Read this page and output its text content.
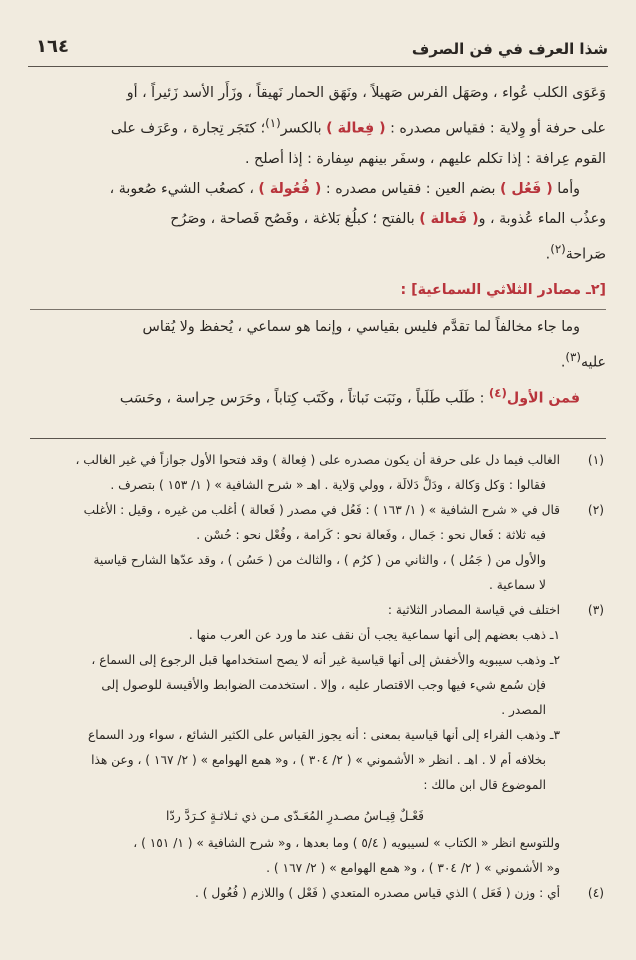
شذا العرف في فن الصرف
١٦٤

وَعَوَى الكلب عُواء ، وصَهَل الفرس صَهيلاً ، ونَهَق الحمار نَهيقاً ، وزَأَر الأسد زَئيراً ، أو

على حرفة أو وِلاية : فقياس مصدره : ( فِعالة ) بالكسر$^{(١)}$؛ كتَجَر تِجارة ، وعَرَف على

القوم عِرافة : إذا تكلم عليهم ، وسفَر بينهم سِفارة : إذا أصلح .

وأما ( فَعُل ) بضم العين : فقياس مصدره : ( فُعُولة ) ، كصعُب الشيء صُعوبة ،

وعذُب الماء عُذوبة ، و( فَعالة ) بالفتح ؛ كبلُغ بَلاغة ، وفَصُح فَصاحة ، وصَرُح

صَراحة$^{(٢)}$.

[٢ـ مصادر الثلاثي السماعية] :

وما جاء مخالفاً لما تقدَّم فليس بقياسي ، وإنما هو سماعي ، يُحفظ ولا يُقاس

عليه$^{(٣)}$.

فمن الأول$^{(٤)}$ : طَلَب طَلَباً ، ونَبَت نَباتاً ، وكَتَب كِتاباً ، وحَرَس حِراسة ، وحَسَب

(١)

الغالب فيما دل على حرفة أن يكون مصدره على ( فِعالة ) وقد فتحوا الأول جوازاً في غير الغالب ،

فقالوا : وَكل وَكالة ، ودَلَّ دَلالَة ، وولي وَلاية . اهـ « شرح الشافية » ( ١/ ١٥٣ ) بتصرف .

(٢)

قال في « شرح الشافية » ( ١/ ١٦٣ ) : فَعُل في مصدر ( فَعالة ) أغلب من غيره ، وقيل : الأغلب

فيه ثلاثة : فَعال نحو : جَمال ، وفَعالة نحو : كَرامة ، وفُعْل نحو : حُسْن .

والأول من ( جَمُل ) ، والثاني من ( كرُم ) ، والثالث من ( حَسُن ) ، وقد عدّها الشارح قياسية

لا سماعية .

(٣)

اختلف في قياسة المصادر الثلاثية :

١ـ ذهب بعضهم إلى أنها سماعية يجب أن نقف عند ما ورد عن العرب منها .

٢ـ وذهب سيبويه والأخفش إلى أنها قياسية غير أنه لا يصح استخدامها قبل الرجوع إلى السماع ،

فإن سُمع شيء فيها وجب الاقتصار عليه ، وإلا . استخدمت الضوابط والأقيسة للوصول إلى

المصدر .

٣ـ وذهب الفراء إلى أنها قياسية بمعنى : أنه يجوز القياس على الكثير الشائع ، سواء ورد السماع

بخلافه أم لا . اهـ . انظر « الأشموني » ( ٢/ ٣٠٤ ) ، و« همع الهوامع » ( ٢/ ١٦٧ ) ، وعن هذا

الموضوع قال ابن مالك :

فَعْـلٌ قِيـاسُ مصـدرِ المُعَـدّى مـن ذي ثـلاثـةٍ كـرَدَّ ردّا

وللتوسع انظر « الكتاب » لسيبويه ( ٥/٤ ) وما بعدها ، و« شرح الشافية » ( ١/ ١٥١ ) ،

و« الأشموني » ( ٢/ ٣٠٤ ) ، و« همع الهوامع » ( ٢/ ١٦٧ ) .

(٤)

أي : وزن ( فَعَل ) الذي قياس مصدره المتعدي ( فَعْل ) واللازم ( فُعُول ) .
